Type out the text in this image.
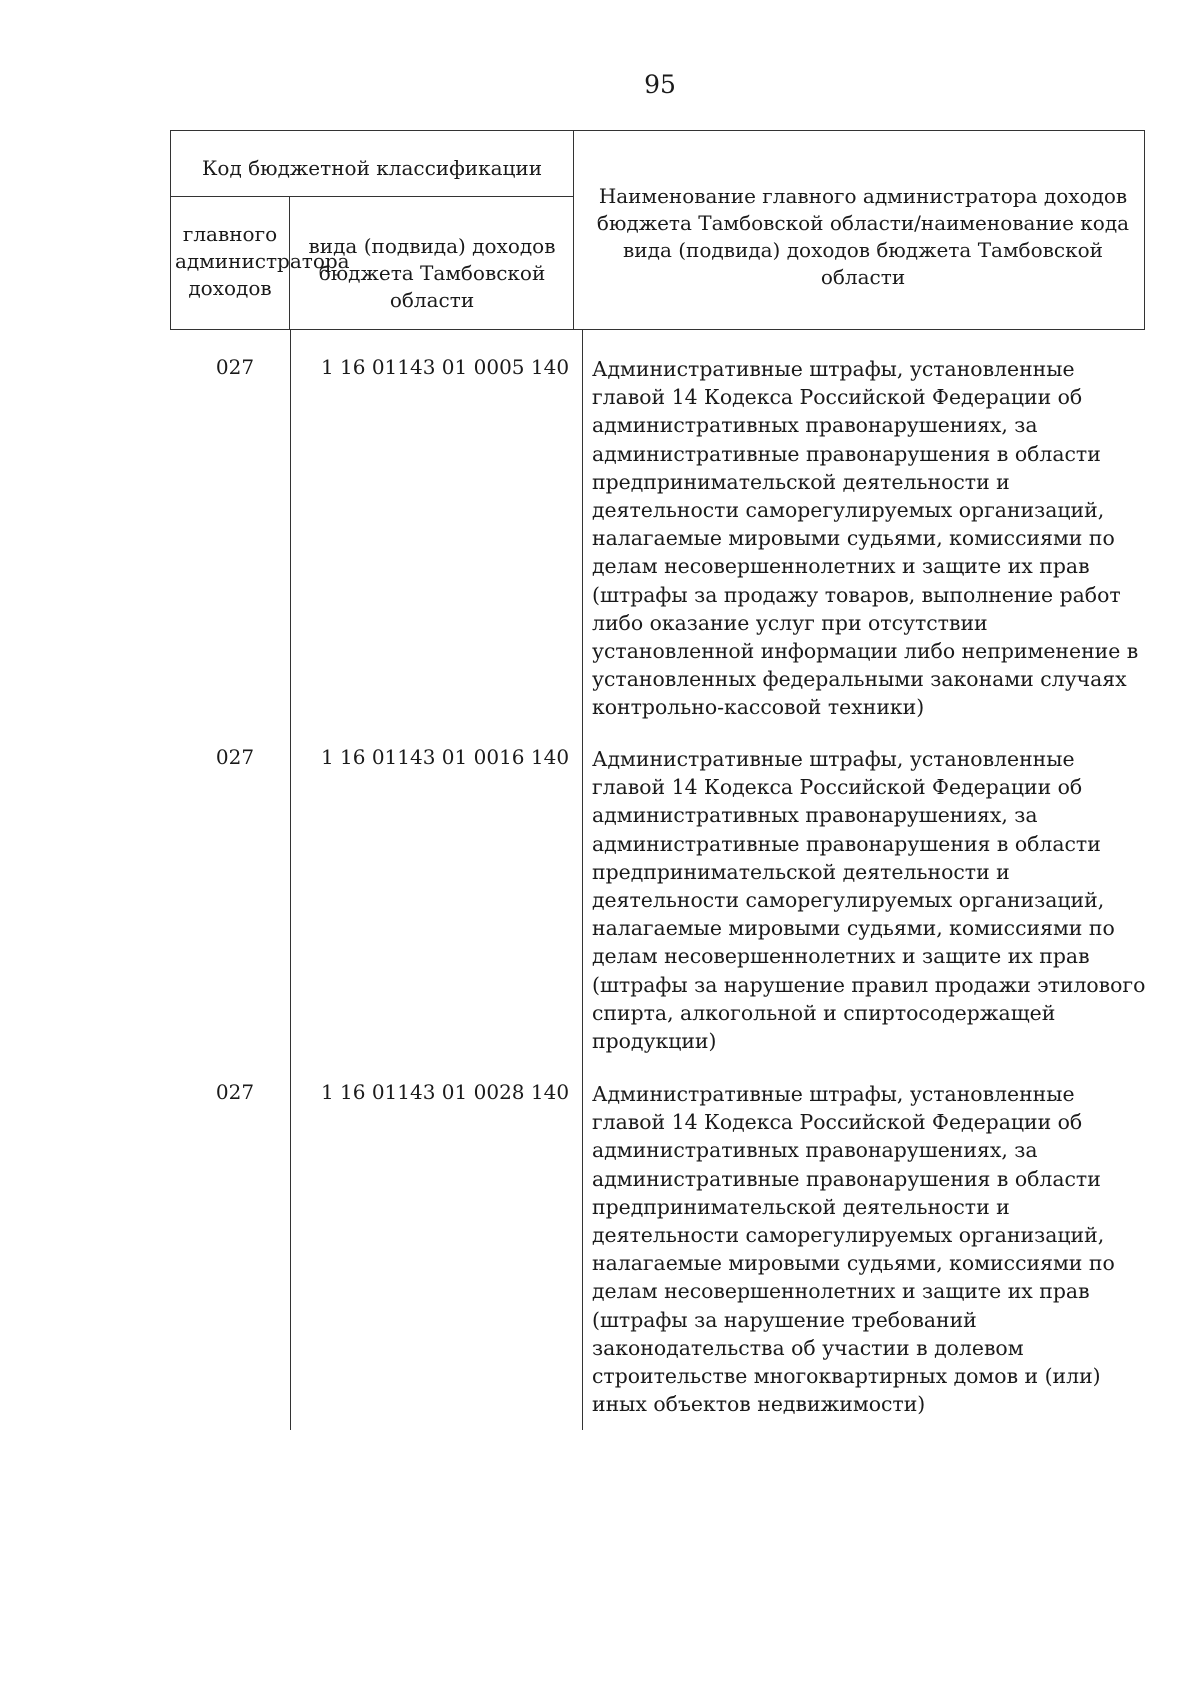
95
Код бюджетной классификации
главного администратора доходов
вида (подвида) доходов бюджета Тамбовской области
Наименование главного администратора доходов бюджета Тамбовской области/наименование кода вида (подвида) доходов бюджета Тамбовской области
027	1 16 01143 01 0005 140	Административные штрафы, установленные
главой 14 Кодекса Российской Федерации об
административных правонарушениях, за
административные правонарушения в области
предпринимательской деятельности и
деятельности саморегулируемых организаций,
налагаемые мировыми судьями, комиссиями по
делам несовершеннолетних и защите их прав
(штрафы за продажу товаров, выполнение работ
либо оказание услуг при отсутствии
установленной информации либо неприменение в
установленных федеральными законами случаях
контрольно-кассовой техники)
027	1 16 01143 01 0016 140	Административные штрафы, установленные
главой 14 Кодекса Российской Федерации об
административных правонарушениях, за
административные правонарушения в области
предпринимательской деятельности и
деятельности саморегулируемых организаций,
налагаемые мировыми судьями, комиссиями по
делам несовершеннолетних и защите их прав
(штрафы за нарушение правил продажи этилового
спирта, алкогольной и спиртосодержащей
продукции)
027	1 16 01143 01 0028 140	Административные штрафы, установленные
главой 14 Кодекса Российской Федерации об
административных правонарушениях, за
административные правонарушения в области
предпринимательской деятельности и
деятельности саморегулируемых организаций,
налагаемые мировыми судьями, комиссиями по
делам несовершеннолетних и защите их прав
(штрафы за нарушение требований
законодательства об участии в долевом
строительстве многоквартирных домов и (или)
иных объектов недвижимости)
